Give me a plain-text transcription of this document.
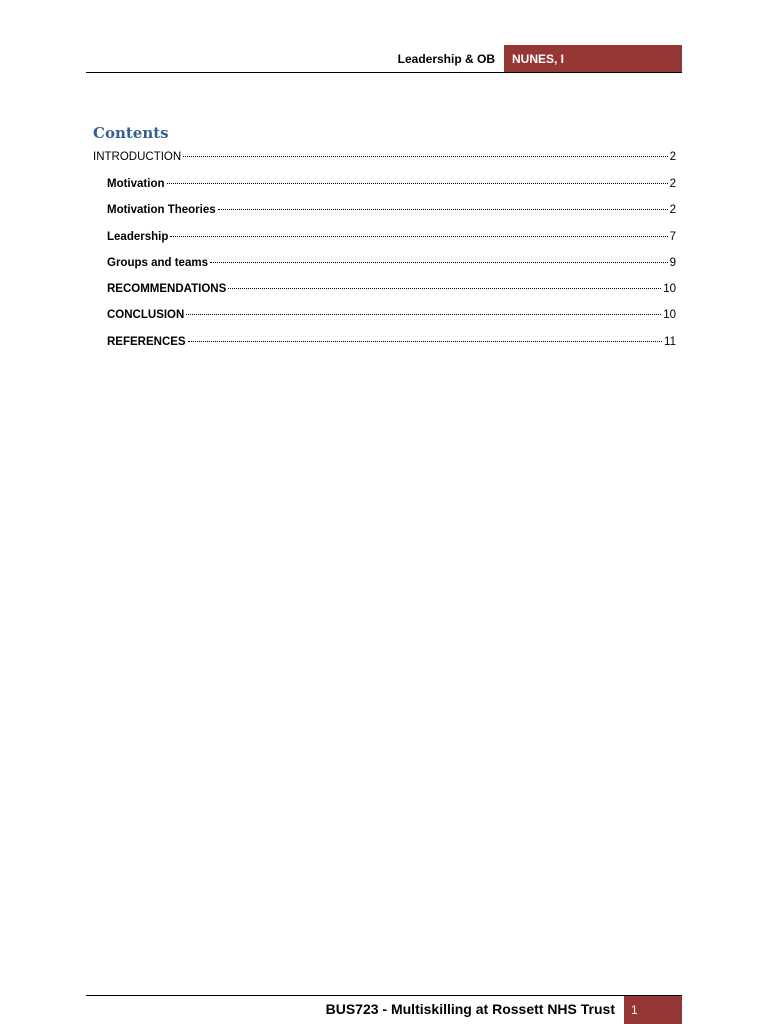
Leadership & OB	NUNES, I
Contents
INTRODUCTION	2
Motivation	2
Motivation Theories	2
Leadership	7
Groups and teams	9
RECOMMENDATIONS	10
CONCLUSION	10
REFERENCES	11
BUS723 - Multiskilling at Rossett NHS Trust	1
